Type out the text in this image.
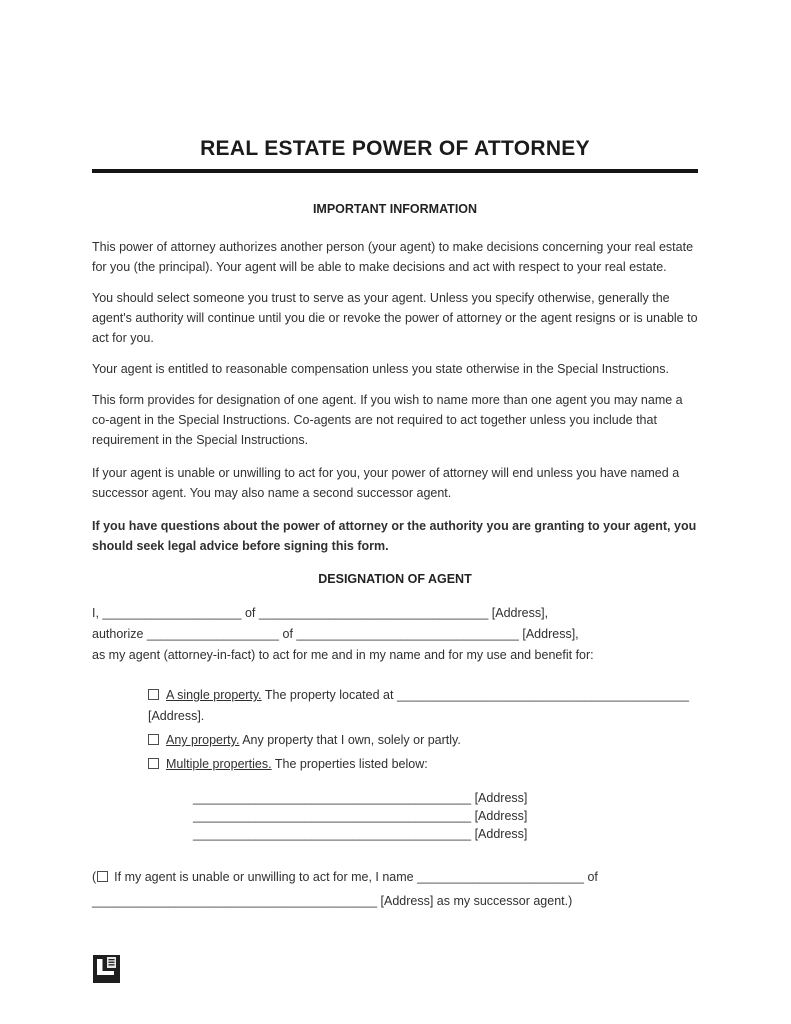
REAL ESTATE POWER OF ATTORNEY
IMPORTANT INFORMATION

This power of attorney authorizes another person (your agent) to make decisions concerning your real estate for you (the principal). Your agent will be able to make decisions and act with respect to your real estate.

You should select someone you trust to serve as your agent. Unless you specify otherwise, generally the agent's authority will continue until you die or revoke the power of attorney or the agent resigns or is unable to act for you.

Your agent is entitled to reasonable compensation unless you state otherwise in the Special Instructions.

This form provides for designation of one agent. If you wish to name more than one agent you may name a co-agent in the Special Instructions. Co-agents are not required to act together unless you include that requirement in the Special Instructions.

If your agent is unable or unwilling to act for you, your power of attorney will end unless you have named a successor agent. You may also name a second successor agent.

If you have questions about the power of attorney or the authority you are granting to your agent, you should seek legal advice before signing this form.

DESIGNATION OF AGENT
I, ____________________ of _________________________________ [Address],
authorize ___________________ of ________________________________ [Address],
as my agent (attorney-in-fact) to act for me and in my name and for my use and benefit for:
A single property. The property located at __________________________________________
[Address].
Any property. Any property that I own, solely or partly.
Multiple properties. The properties listed below:
________________________________________ [Address]
________________________________________ [Address]
________________________________________ [Address]
( If my agent is unable or unwilling to act for me, I name ________________________ of
_________________________________________ [Address] as my successor agent.)
